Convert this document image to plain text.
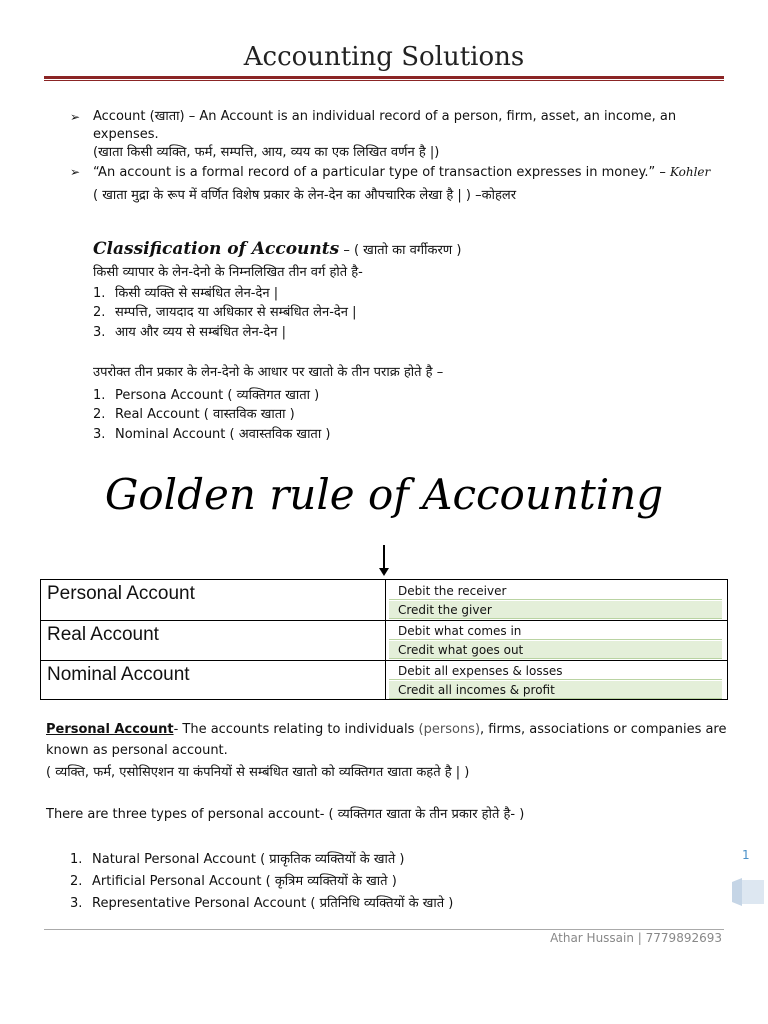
Accounting Solutions
➢ Account (खाता) – An Account is an individual record of a person, firm, asset, an income, an
expenses.
(खाता किसी व्यक्ति, फर्म, सम्पत्ति, आय, व्यय का एक लिखित वर्णन है |)
➢ “An account is a formal record of a particular type of transaction expresses in money.” – Kohler
( खाता मुद्रा के रूप में वर्णित विशेष प्रकार के लेन-देन का औपचारिक लेखा है | ) –कोहलर
Classification of Accounts – ( खातो का वर्गीकरण )
किसी व्यापार के लेन-देनो के निम्नलिखित तीन वर्ग होते है-
1. किसी व्यक्ति से सम्बंधित लेन-देन |
2. सम्पत्ति, जायदाद या अधिकार से सम्बंधित लेन-देन |
3. आय और व्यय से सम्बंधित लेन-देन |
उपरोक्त तीन प्रकार के लेन-देनो के आधार पर खातो के तीन पराक्र होते है –
1. Persona Account ( व्यक्तिगत खाता )
2. Real Account ( वास्तविक खाता )
3. Nominal Account ( अवास्तविक खाता )
Golden rule of Accounting
Personal Account	Debit the receiver
Credit the giver
Real Account	Debit what comes in
Credit what goes out
Nominal Account	Debit all expenses & losses
Credit all incomes & profit
Personal Account- The accounts relating to individuals (persons), firms, associations or companies are
known as personal account.
( व्यक्ति, फर्म, एसोसिएशन या कंपनियों से सम्बंधित खातो को व्यक्तिगत खाता कहते है | )
There are three types of personal account- ( व्यक्तिगत खाता के तीन प्रकार होते है- )
1. Natural Personal Account ( प्राकृतिक व्यक्तियों के खाते )
2. Artificial Personal Account ( कृत्रिम व्यक्तियों के खाते )
3. Representative Personal Account ( प्रतिनिधि व्यक्तियों के खाते )
1
Athar Hussain | 7779892693
